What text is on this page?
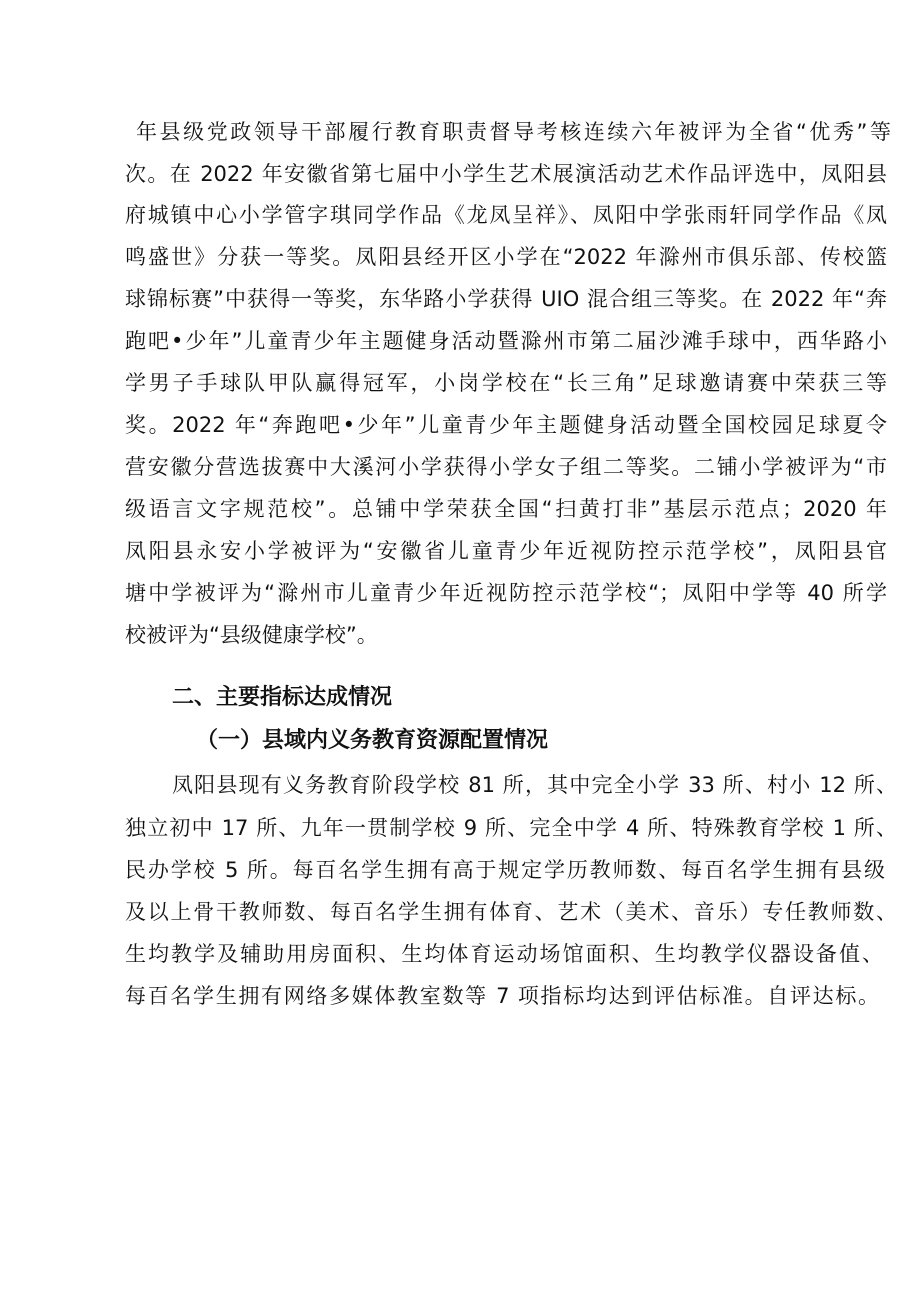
年县级党政领导干部履行教育职责督导考核连续六年被评为全省“优秀”等
次。在 2022 年安徽省第七届中小学生艺术展演活动艺术作品评选中，凤阳县
府城镇中心小学管字琪同学作品《龙凤呈祥》、凤阳中学张雨轩同学作品《凤
鸣盛世》分获一等奖。凤阳县经开区小学在“2022 年滁州市俱乐部、传校篮
球锦标赛”中获得一等奖，东华路小学获得 UIO 混合组三等奖。在 2022 年“奔
跑吧•少年”儿童青少年主题健身活动暨滁州市第二届沙滩手球中，西华路小
学男子手球队甲队赢得冠军，小岗学校在“长三角”足球邀请赛中荣获三等
奖。2022 年“奔跑吧•少年”儿童青少年主题健身活动暨全国校园足球夏令
营安徽分营选拔赛中大溪河小学获得小学女子组二等奖。二铺小学被评为“市
级语言文字规范校”。总铺中学荣获全国“扫黄打非”基层示范点；2020 年
凤阳县永安小学被评为“安徽省儿童青少年近视防控示范学校”，凤阳县官
塘中学被评为“滁州市儿童青少年近视防控示范学校“；凤阳中学等 40 所学
校被评为“县级健康学校”。
二、主要指标达成情况
（一）县域内义务教育资源配置情况
凤阳县现有义务教育阶段学校 81 所，其中完全小学 33 所、村小 12 所、
独立初中 17 所、九年一贯制学校 9 所、完全中学 4 所、特殊教育学校 1 所、
民办学校 5 所。每百名学生拥有高于规定学历教师数、每百名学生拥有县级
及以上骨干教师数、每百名学生拥有体育、艺术（美术、音乐）专任教师数、
生均教学及辅助用房面积、生均体育运动场馆面积、生均教学仪器设备值、
每百名学生拥有网络多媒体教室数等 7 项指标均达到评估标准。自评达标。
